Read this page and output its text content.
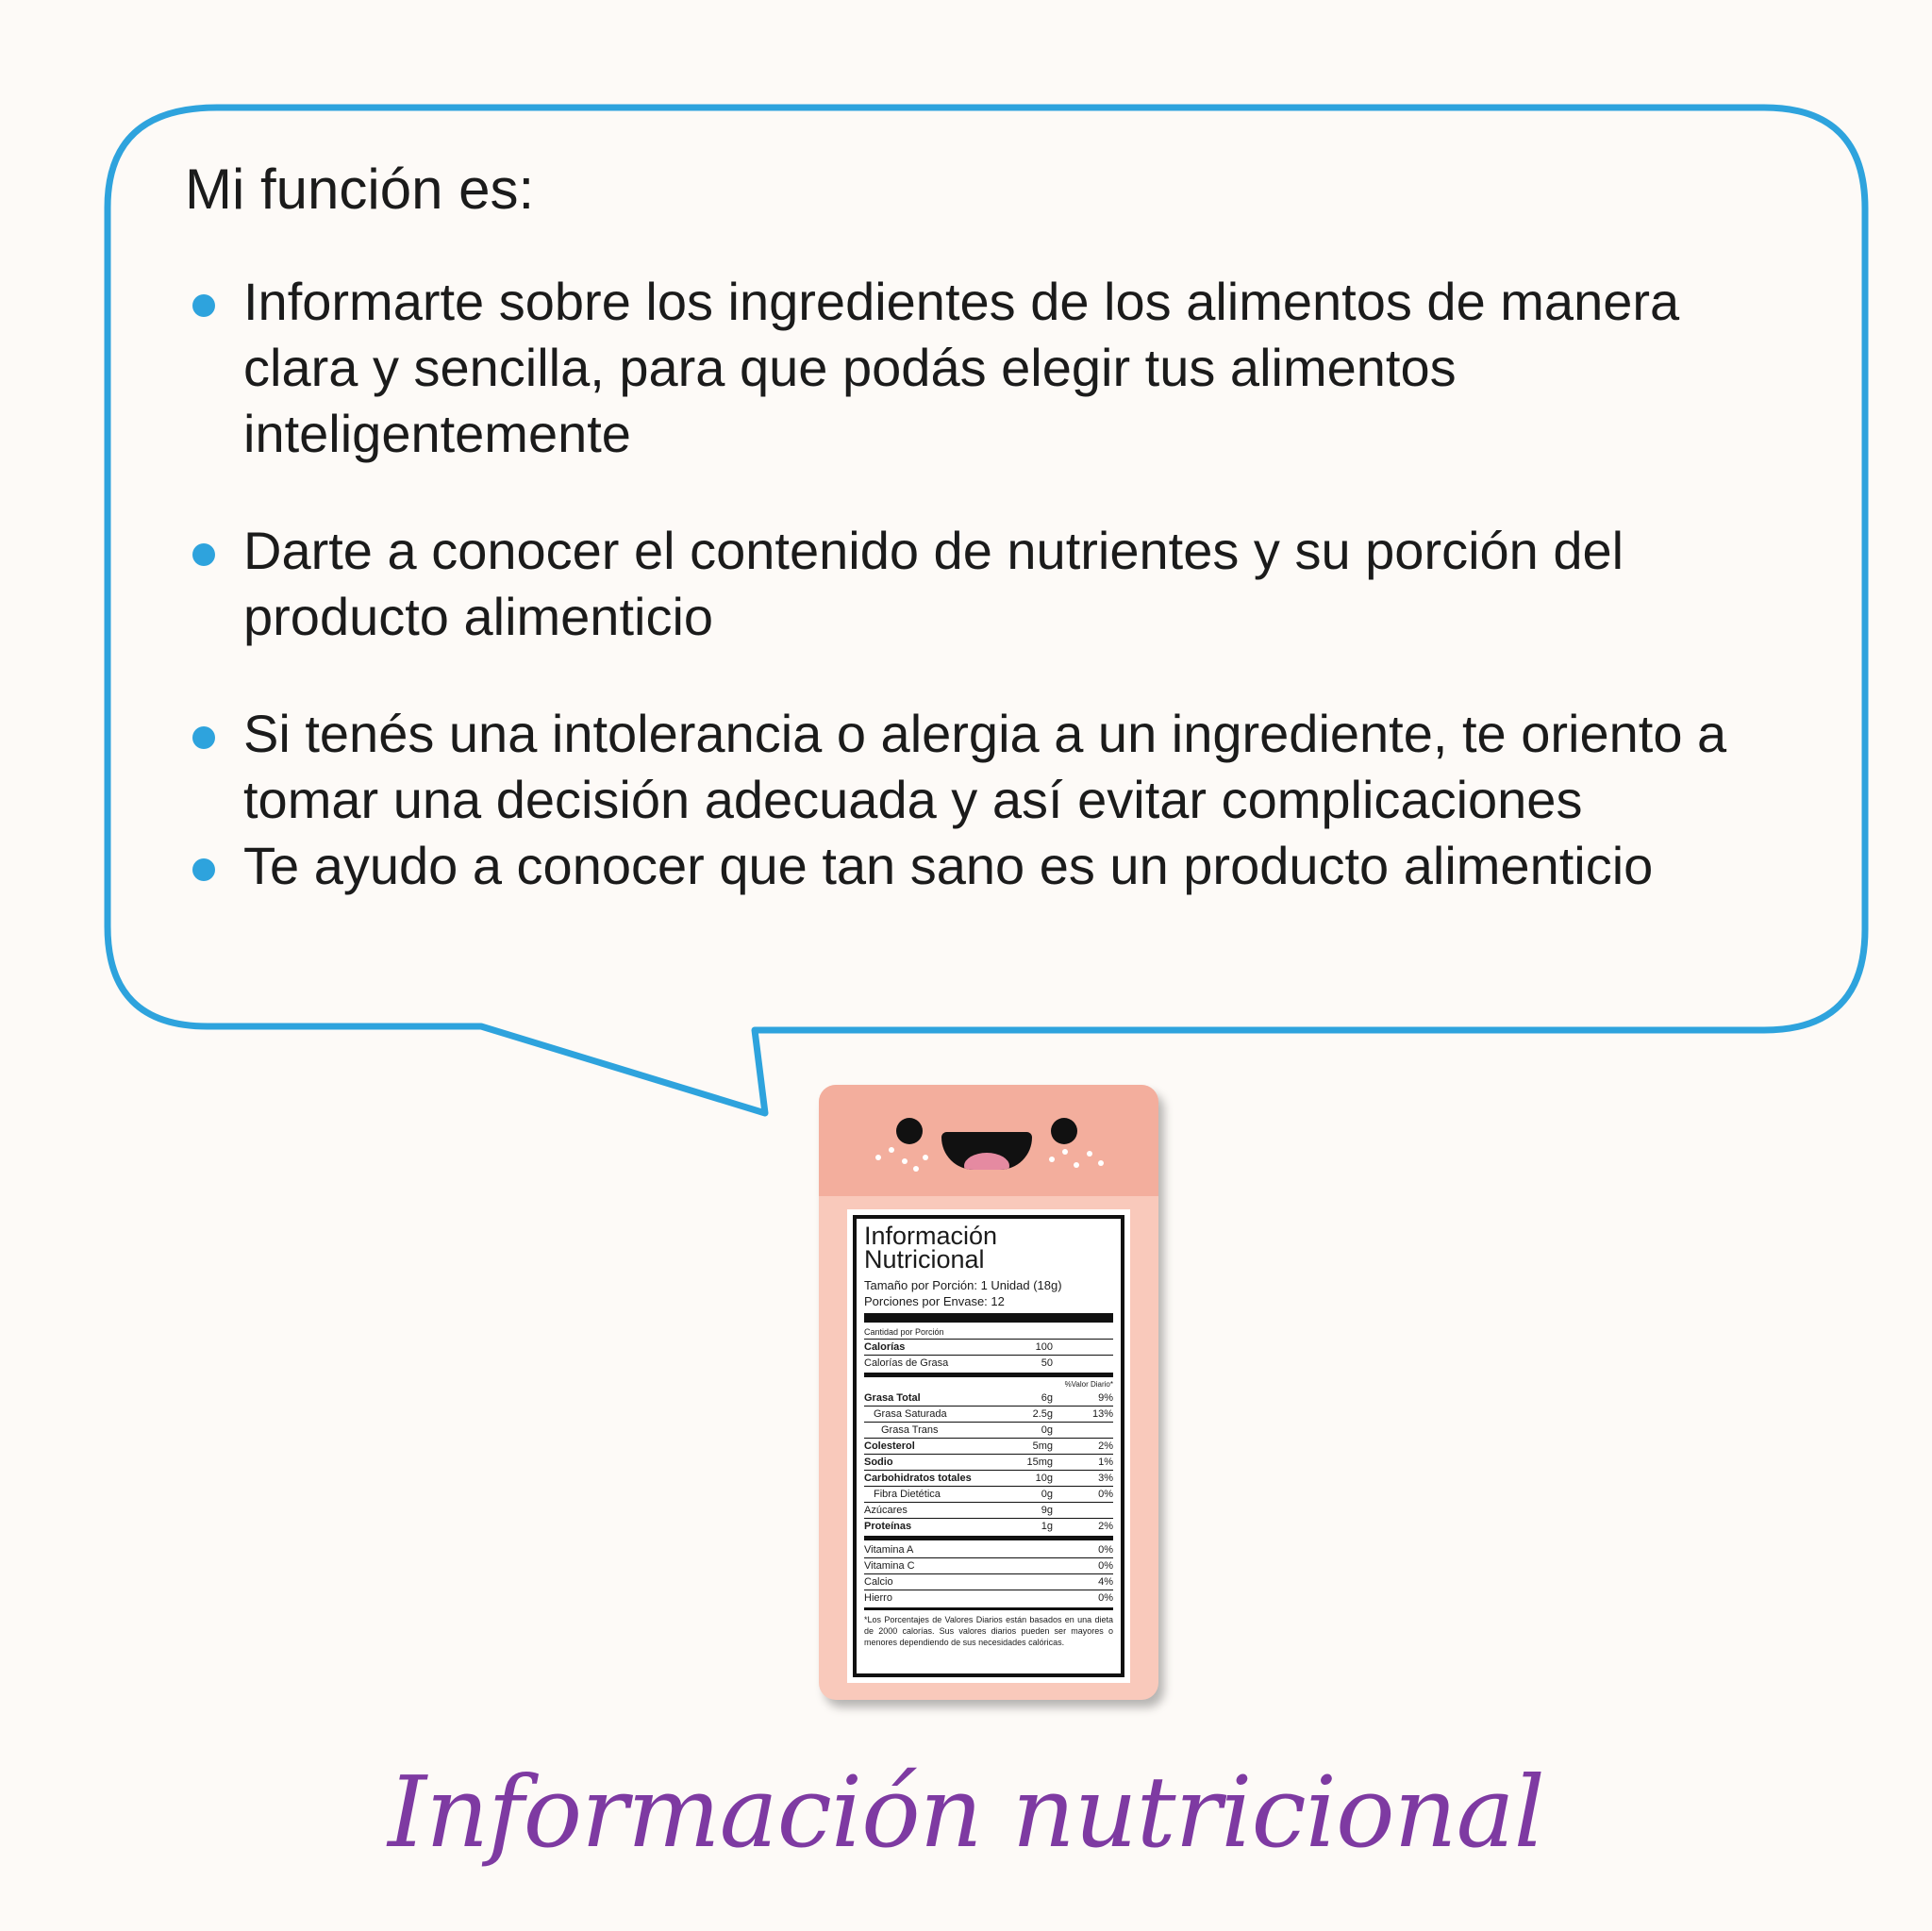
Mi función es:

Informarte sobre los ingredientes de los alimentos de manera
clara y sencilla, para que podás elegir tus alimentos
inteligentemente
Darte a conocer el contenido de nutrientes y su porción del
producto alimenticio
Si tenés una intolerancia o alergia a un ingrediente, te oriento a
tomar una decisión adecuada y así evitar complicaciones
Te ayudo a conocer que tan sano es un producto alimenticio
Información
Nutricional
Tamaño por Porción: 1 Unidad (18g)
Porciones por Envase: 12
Cantidad por Porción
Calorías	100
Calorías de Grasa	50
%Valor Diario*
Grasa Total	6g	9%
Grasa Saturada	2.5g	13%
Grasa Trans	0g
Colesterol	5mg	2%
Sodio	15mg	1%
Carbohidratos totales	10g	3%
Fibra Dietética	0g	0%
Azúcares	9g
Proteínas	1g	2%
Vitamina A	0%
Vitamina C	0%
Calcio	4%
Hierro	0%
*Los Porcentajes de Valores Diarios están basados en una dieta de 2000 calorías. Sus valores diarios pueden ser mayores o menores dependiendo de sus necesidades calóricas.
Información nutricional
